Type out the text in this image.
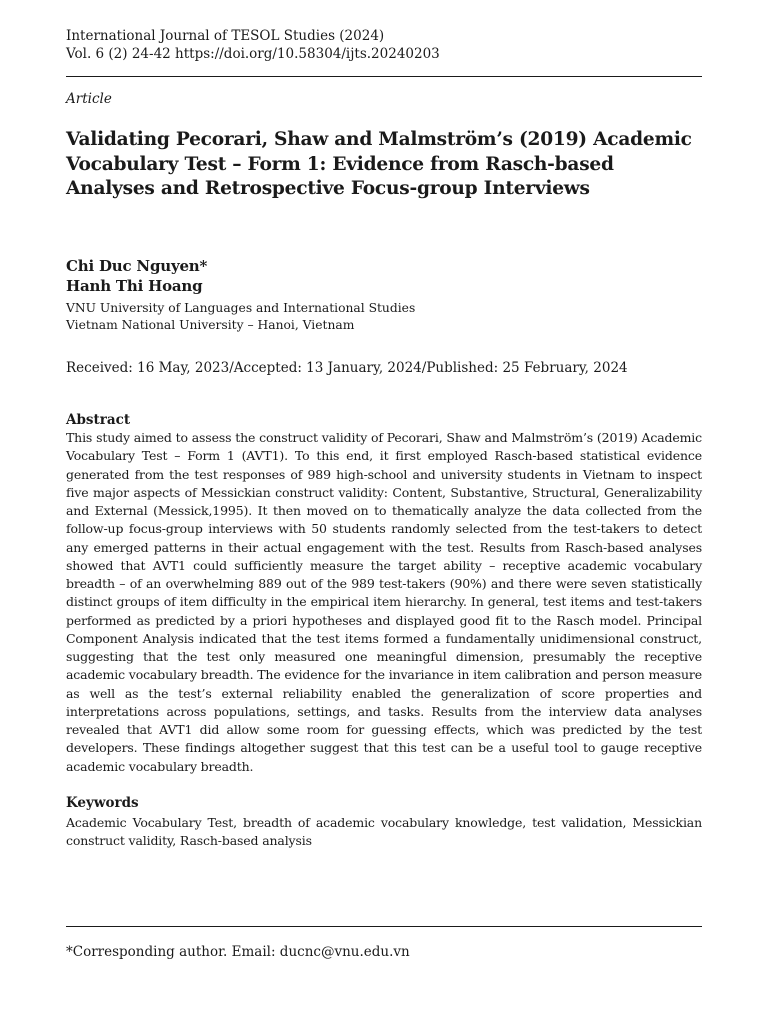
International Journal of TESOL Studies (2024)
Vol. 6 (2) 24-42 https://doi.org/10.58304/ijts.20240203
Article
Validating Pecorari, Shaw and Malmström’s (2019) Academic Vocabulary Test – Form 1: Evidence from Rasch-based Analyses and Retrospective Focus-group Interviews
Chi Duc Nguyen*
Hanh Thi Hoang
VNU University of Languages and International Studies
Vietnam National University – Hanoi, Vietnam
Received: 16 May, 2023/Accepted: 13 January, 2024/Published: 25 February, 2024
Abstract

This study aimed to assess the construct validity of Pecorari, Shaw and Malmström’s (2019) Academic Vocabulary Test – Form 1 (AVT1). To this end, it first employed Rasch-based statistical evidence generated from the test responses of 989 high-school and university students in Vietnam to inspect five major aspects of Messickian construct validity: Content, Substantive, Structural, Generalizability and External (Messick,1995). It then moved on to thematically analyze the data collected from the follow-up focus-group interviews with 50 students randomly selected from the test-takers to detect any emerged patterns in their actual engagement with the test. Results from Rasch-based analyses showed that AVT1 could sufficiently measure the target ability – receptive academic vocabulary breadth – of an overwhelming 889 out of the 989 test-takers (90%) and there were seven statistically distinct groups of item difficulty in the empirical item hierarchy. In general, test items and test-takers performed as predicted by a priori hypotheses and displayed good fit to the Rasch model. Principal Component Analysis indicated that the test items formed a fundamentally unidimensional construct, suggesting that the test only measured one meaningful dimension, presumably the receptive academic vocabulary breadth. The evidence for the invariance in item calibration and person measure as well as the test’s external reliability enabled the generalization of score properties and interpretations across populations, settings, and tasks. Results from the interview data analyses revealed that AVT1 did allow some room for guessing effects, which was predicted by the test developers. These findings altogether suggest that this test can be a useful tool to gauge receptive academic vocabulary breadth.

Keywords

Academic Vocabulary Test, breadth of academic vocabulary knowledge, test validation, Messickian construct validity, Rasch-based analysis

*Corresponding author. Email: ducnc@vnu.edu.vn
